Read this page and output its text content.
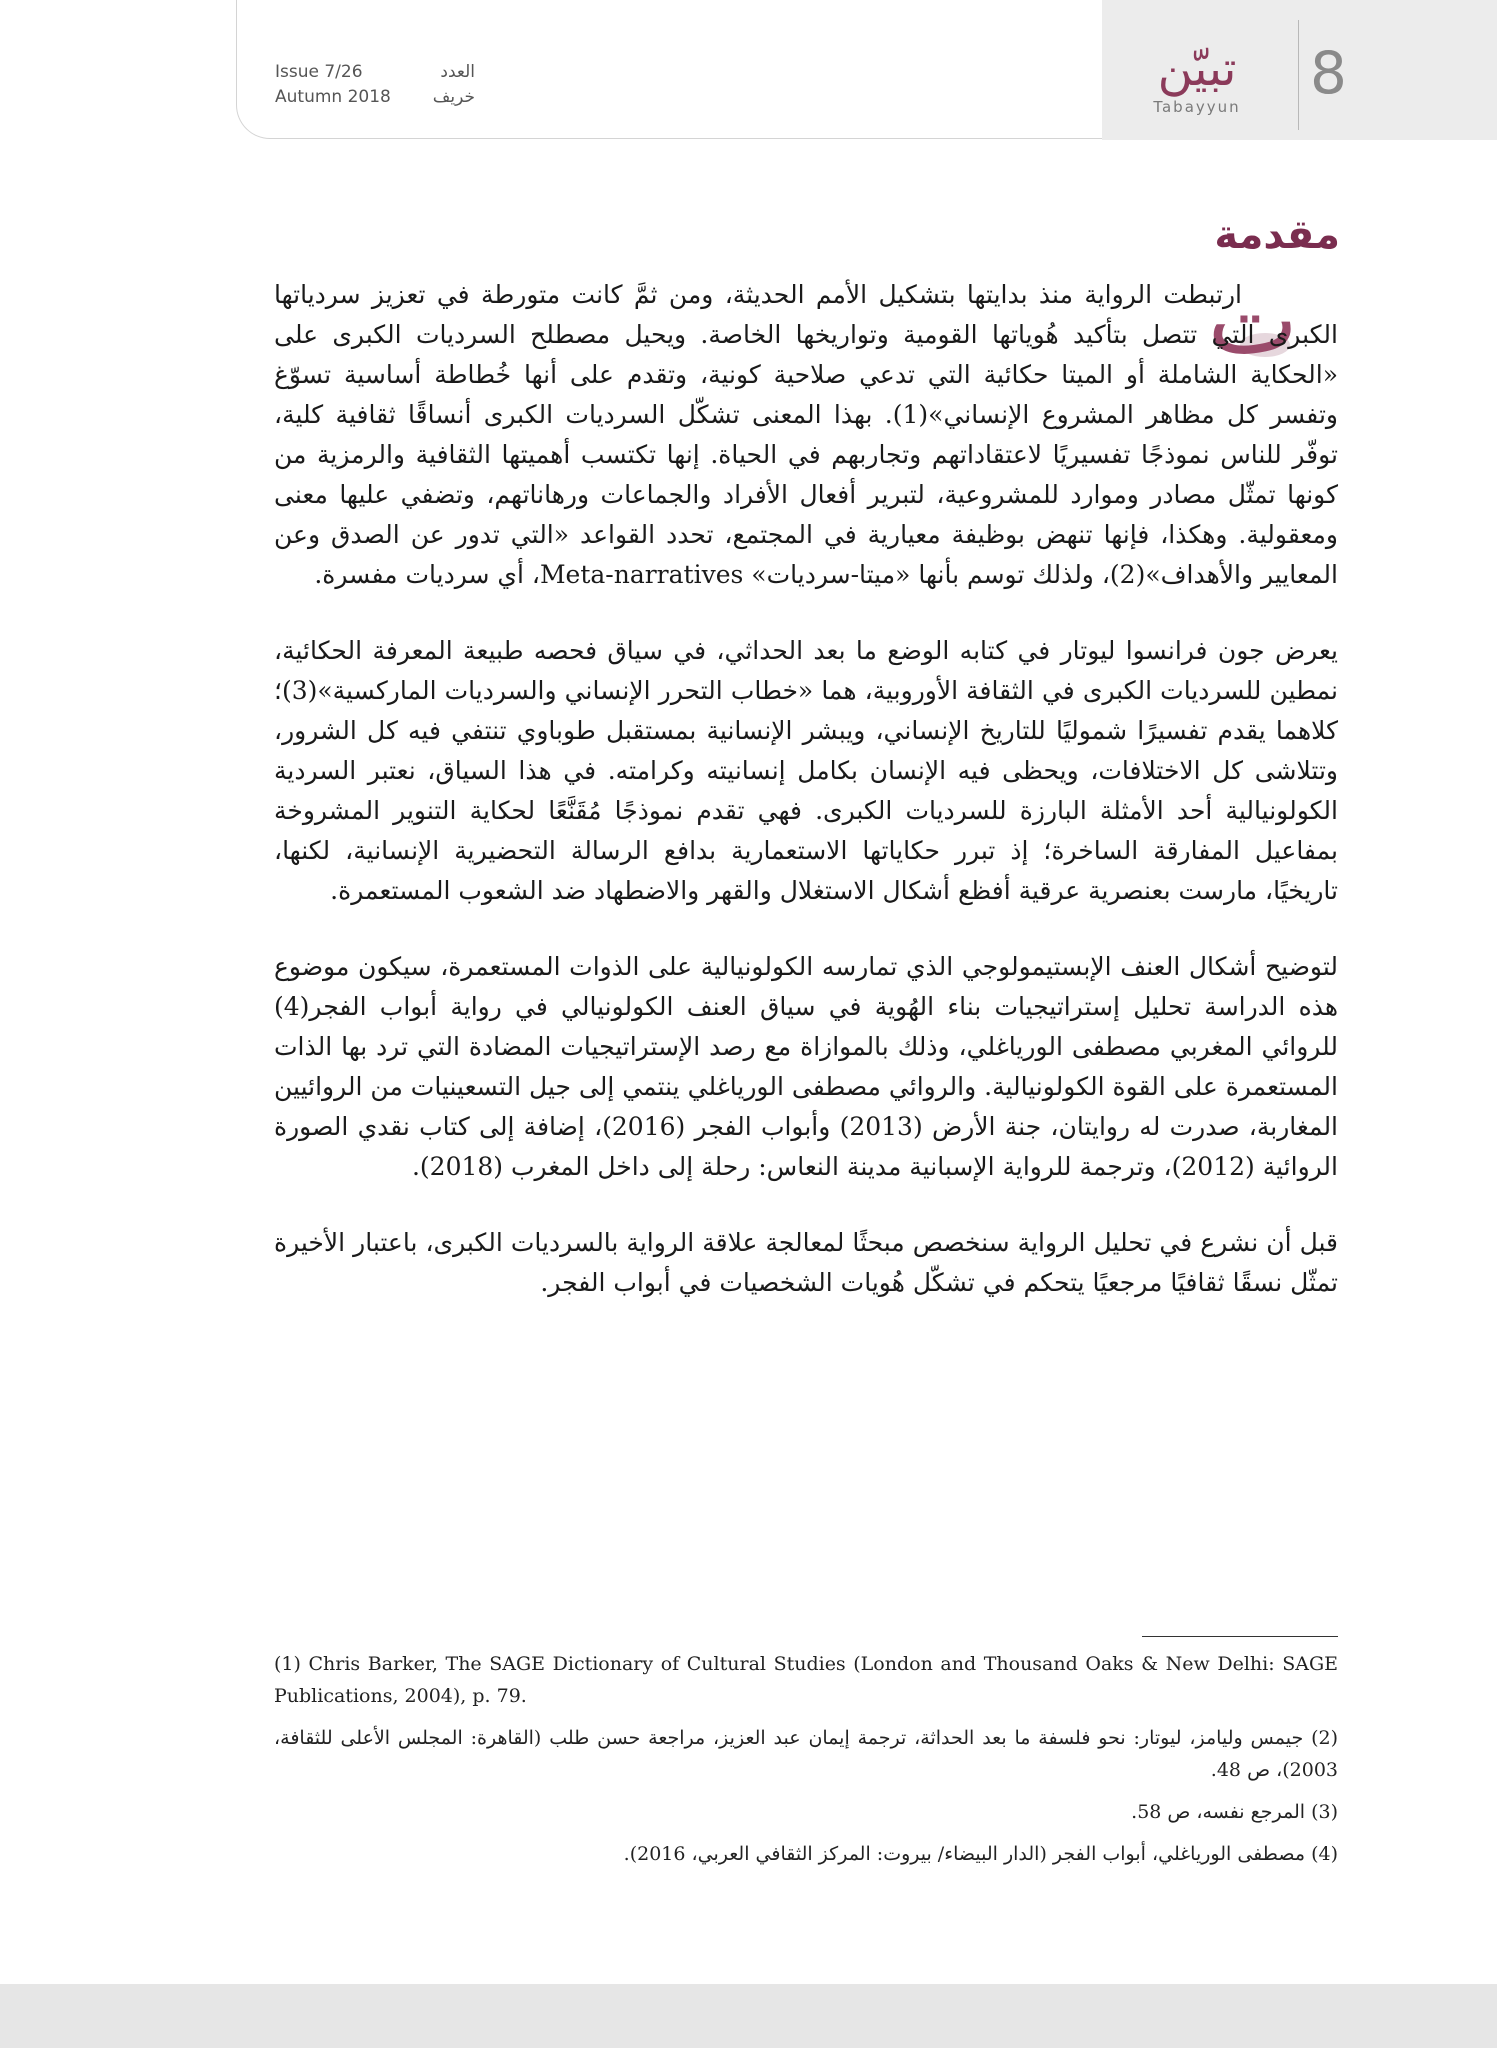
Issue 7/26	العدد
Autumn 2018 خريف	تبيّن
Tabayyun	8
مقدمة
ت

ارتبطت الرواية منذ بدايتها بتشكيل الأمم الحديثة، ومن ثمَّ كانت متورطة في تعزيز سردياتها الكبرى التي تتصل بتأكيد هُوياتها القومية وتواريخها الخاصة. ويحيل مصطلح السرديات الكبرى على «الحكاية الشاملة أو الميتا حكائية التي تدعي صلاحية كونية، وتقدم على أنها خُطاطة أساسية تسوّغ وتفسر كل مظاهر المشروع الإنساني»(1). بهذا المعنى تشكّل السرديات الكبرى أنساقًا ثقافية كلية، توفّر للناس نموذجًا تفسيريًا لاعتقاداتهم وتجاربهم في الحياة. إنها تكتسب أهميتها الثقافية والرمزية من كونها تمثّل مصادر وموارد للمشروعية، لتبرير أفعال الأفراد والجماعات ورهاناتهم، وتضفي عليها معنى ومعقولية. وهكذا، فإنها تنهض بوظيفة معيارية في المجتمع، تحدد القواعد «التي تدور عن الصدق وعن المعايير والأهداف»(2)، ولذلك توسم بأنها «ميتا-سرديات» Meta-narratives، أي سرديات مفسرة.

يعرض جون فرانسوا ليوتار في كتابه الوضع ما بعد الحداثي، في سياق فحصه طبيعة المعرفة الحكائية، نمطين للسرديات الكبرى في الثقافة الأوروبية، هما «خطاب التحرر الإنساني والسرديات الماركسية»(3)؛ كلاهما يقدم تفسيرًا شموليًا للتاريخ الإنساني، ويبشر الإنسانية بمستقبل طوباوي تنتفي فيه كل الشرور، وتتلاشى كل الاختلافات، ويحظى فيه الإنسان بكامل إنسانيته وكرامته. في هذا السياق، نعتبر السردية الكولونيالية أحد الأمثلة البارزة للسرديات الكبرى. فهي تقدم نموذجًا مُقَنَّعًا لحكاية التنوير المشروخة بمفاعيل المفارقة الساخرة؛ إذ تبرر حكاياتها الاستعمارية بدافع الرسالة التحضيرية الإنسانية، لكنها، تاريخيًا، مارست بعنصرية عرقية أفظع أشكال الاستغلال والقهر والاضطهاد ضد الشعوب المستعمرة.

لتوضيح أشكال العنف الإبستيمولوجي الذي تمارسه الكولونيالية على الذوات المستعمرة، سيكون موضوع هذه الدراسة تحليل إستراتيجيات بناء الهُوية في سياق العنف الكولونيالي في رواية أبواب الفجر(4) للروائي المغربي مصطفى الورياغلي، وذلك بالموازاة مع رصد الإستراتيجيات المضادة التي ترد بها الذات المستعمرة على القوة الكولونيالية. والروائي مصطفى الورياغلي ينتمي إلى جيل التسعينيات من الروائيين المغاربة، صدرت له روايتان، جنة الأرض (2013) وأبواب الفجر (2016)، إضافة إلى كتاب نقدي الصورة الروائية (2012)، وترجمة للرواية الإسبانية مدينة النعاس: رحلة إلى داخل المغرب (2018).

قبل أن نشرع في تحليل الرواية سنخصص مبحثًا لمعالجة علاقة الرواية بالسرديات الكبرى، باعتبار الأخيرة تمثّل نسقًا ثقافيًا مرجعيًا يتحكم في تشكّل هُويات الشخصيات في أبواب الفجر.

(1) Chris Barker, The SAGE Dictionary of Cultural Studies (London and Thousand Oaks & New Delhi: SAGE Publications, 2004), p. 79.

(2) جيمس وليامز، ليوتار: نحو فلسفة ما بعد الحداثة، ترجمة إيمان عبد العزيز، مراجعة حسن طلب (القاهرة: المجلس الأعلى للثقافة، 2003)، ص 48.

(3) المرجع نفسه، ص 58.

(4) مصطفى الورياغلي، أبواب الفجر (الدار البيضاء/ بيروت: المركز الثقافي العربي، 2016).
